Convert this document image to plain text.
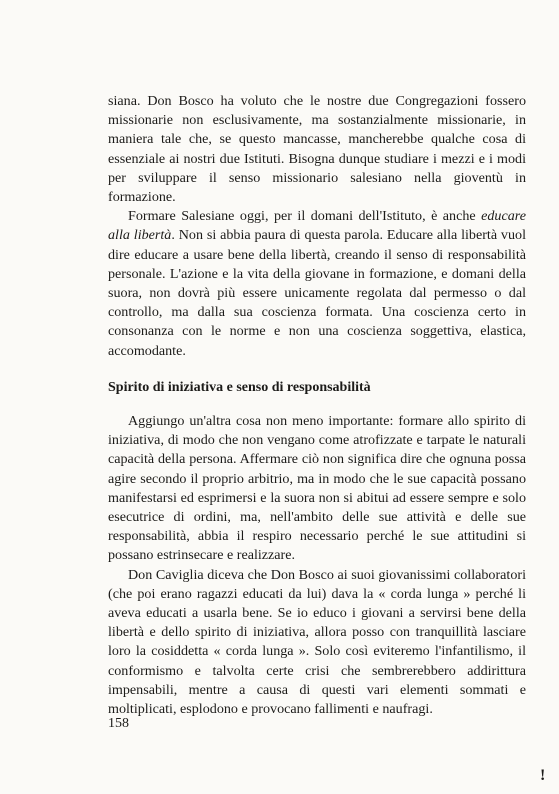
siana. Don Bosco ha voluto che le nostre due Congregazioni fossero missionarie non esclusivamente, ma sostanzialmente missionarie, in maniera tale che, se questo mancasse, mancherebbe qualche cosa di essenziale ai nostri due Istituti. Bisogna dunque studiare i mezzi e i modi per sviluppare il senso missionario salesiano nella gioventù in formazione.

Formare Salesiane oggi, per il domani dell'Istituto, è anche educare alla libertà. Non si abbia paura di questa parola. Educare alla libertà vuol dire educare a usare bene della libertà, creando il senso di responsabilità personale. L'azione e la vita della giovane in formazione, e domani della suora, non dovrà più essere unicamente regolata dal permesso o dal controllo, ma dalla sua coscienza formata. Una coscienza certo in consonanza con le norme e non una coscienza soggettiva, elastica, accomodante.

Spirito di iniziativa e senso di responsabilità

Aggiungo un'altra cosa non meno importante: formare allo spirito di iniziativa, di modo che non vengano come atrofizzate e tarpate le naturali capacità della persona. Affermare ciò non significa dire che ognuna possa agire secondo il proprio arbitrio, ma in modo che le sue capacità possano manifestarsi ed esprimersi e la suora non si abitui ad essere sempre e solo esecutrice di ordini, ma, nell'ambito delle sue attività e delle sue responsabilità, abbia il respiro necessario perché le sue attitudini si possano estrinsecare e realizzare.

Don Caviglia diceva che Don Bosco ai suoi giovanissimi collaboratori (che poi erano ragazzi educati da lui) dava la « corda lunga » perché li aveva educati a usarla bene. Se io educo i giovani a servirsi bene della libertà e dello spirito di iniziativa, allora posso con tranquillità lasciare loro la cosiddetta « corda lunga ». Solo così eviteremo l'infantilismo, il conformismo e talvolta certe crisi che sembrerebbero addirittura impensabili, mentre a causa di questi vari elementi sommati e moltiplicati, esplodono e provocano fallimenti e naufragi.

158
!
